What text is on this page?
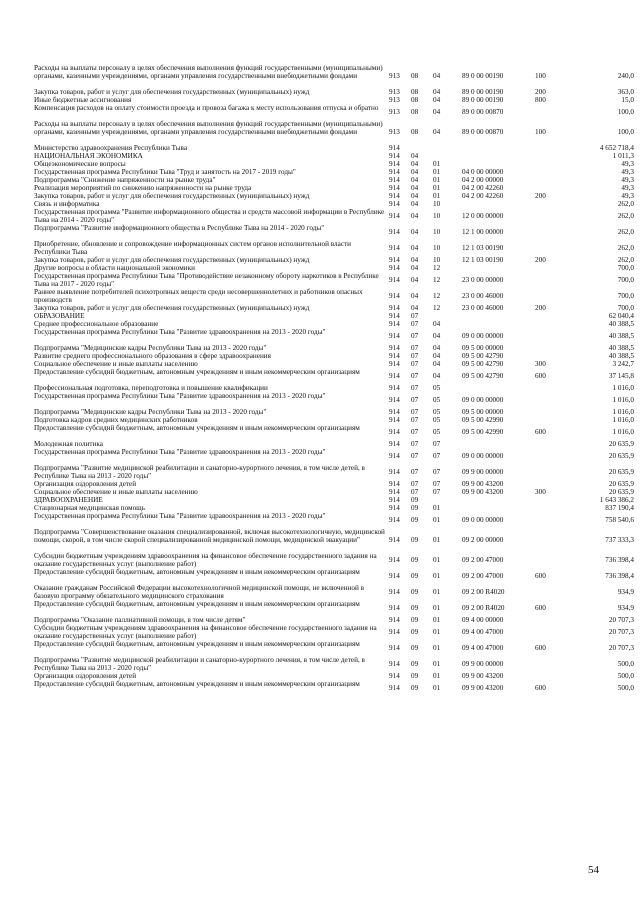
Расходы на выплаты персоналу в целях обеспечения выполнения функций государственными (муниципальными) органами, казенными учреждениями, органами управления государственными внебюджетными фондами	913	08	04	89 0 00 00190	100	240,0
Закупка товаров, работ и услуг для обеспечения государственных (муниципальных) нужд	913	08	04	89 0 00 00190	200	363,0
Иные бюджетные ассигнования	913	08	04	89 0 00 00190	800	15,0
Компенсация расходов на оплату стоимости проезда и провоза багажа к месту использования отпуска и обратно	913	08	04	89 0 00 00870	100,0
Расходы на выплаты персоналу в целях обеспечения выполнения функций государственными (муниципальными) органами, казенными учреждениями, органами управления государственными внебюджетными фондами	913	08	04	89 0 00 00870	100	100,0
Министерство здравоохранения Республики Тыва	914	4 652 718,4
НАЦИОНАЛЬНАЯ ЭКОНОМИКА	914	04	1 011,3
Общеэкономические вопросы	914	04	01	49,3
Государственная программа Республики Тыва "Труд и занятость на 2017 - 2019 годы"	914	04	01	04 0 00 00000	49,3
Подпрограмма "Снижение напряженности на рынке труда"	914	04	01	04 2 00 00000	49,3
Реализация мероприятий по снижению напряженности на рынке труда	914	04	01	04 2 00 42260	49,3
Закупка товаров, работ и услуг для обеспечения государственных (муниципальных) нужд	914	04	01	04 2 00 42260	200	49,3
Связь и информатика	914	04	10	262,0
Государственная программа "Развитие информационного общества и средств массовой информации в Республике Тыва на 2014 - 2020 годы"	914	04	10	12 0 00 00000	262,0
Подпрограмма "Развитие информационного общества в Республике Тыва на 2014 - 2020 годы"	914	04	10	12 1 00 00000	262,0
Приобретение, обновление и сопровождение информационных систем органов исполнительной власти Республики Тыва	914	04	10	12 1 03 00190	262,0
Закупка товаров, работ и услуг для обеспечения государственных (муниципальных) нужд	914	04	10	12 1 03 00190	200	262,0
Другие вопросы в области национальной экономики	914	04	12	700,0
Государственная программа Республики Тыва "Противодействие незаконному обороту наркотиков в Республике Тыва на 2017 - 2020 годы"	914	04	12	23 0 00 00000	700,0
Раннее выявление потребителей психотропных веществ среди несовершеннолетних и работников опасных производств	914	04	12	23 0 00 46000	700,0
Закупка товаров, работ и услуг для обеспечения государственных (муниципальных) нужд	914	04	12	23 0 00 46000	200	700,0
ОБРАЗОВАНИЕ	914	07	62 040,4
Среднее профессиональное образование	914	07	04	40 388,5
Государственная программа Республики Тыва "Развитие здравоохранения на 2013 - 2020 годы"	914	07	04	09 0 00 00000	40 388,5
Подпрограмма "Медицинские кадры Республики Тыва на 2013 - 2020 годы"	914	07	04	09 5 00 00000	40 388,5
Развитие среднего профессионального образования в сфере здравоохранения	914	07	04	09 5 00 42790	40 388,5
Социальное обеспечение и иные выплаты населению	914	07	04	09 5 00 42790	300	3 242,7
Предоставление субсидий бюджетным, автономным учреждениям и иным некоммерческим организациям	914	07	04	09 5 00 42790	600	37 145,8
Профессиональная подготовка, переподготовка и повышение квалификации	914	07	05	1 016,0
Государственная программа Республики Тыва "Развитие здравоохранения на 2013 - 2020 годы"	914	07	05	09 0 00 00000	1 016,0
Подпрограмма "Медицинские кадры Республики Тыва на 2013 - 2020 годы"	914	07	05	09 5 00 00000	1 016,0
Подготовка кадров средних медицинских работников	914	07	05	09 5 00 42990	1 016,0
Предоставление субсидий бюджетным, автономным учреждениям и иным некоммерческим организациям	914	07	05	09 5 00 42990	600	1 016,0
Молодежная политика	914	07	07	20 635,9
Государственная программа Республики Тыва "Развитие здравоохранения на 2013 - 2020 годы"	914	07	07	09 0 00 00000	20 635,9
Подпрограмма "Развитие медицинской реабилитации и санаторно-курортного лечения, в том числе детей, в Республике Тыва на 2013 - 2020 годы"	914	07	07	09 9 00 00000	20 635,9
Организация оздоровления детей	914	07	07	09 9 00 43200	20 635,9
Социальное обеспечение и иные выплаты населению	914	07	07	09 9 00 43200	300	20 635,9
ЗДРАВООХРАНЕНИЕ	914	09	1 643 386,2
Стационарная медицинская помощь	914	09	01	837 190,4
Государственная программа Республики Тыва "Развитие здравоохранения на 2013 - 2020 годы"	914	09	01	09 0 00 00000	758 540,6
Подпрограмма "Совершенствование оказания специализированной, включая высокотехнологичную, медицинской помощи, скорой, в том числе скорой специализированной медицинской помощи, медицинской эвакуации"	914	09	01	09 2 00 00000	737 333,3
Субсидии бюджетным учреждениям здравоохранения на финансовое обеспечение государственного задания на оказание государственных услуг (выполнение работ)	914	09	01	09 2 00 47000	736 398,4
Предоставление субсидий бюджетным, автономным учреждениям и иным некоммерческим организациям	914	09	01	09 2 00 47000	600	736 398,4
Оказание гражданам Российской Федерации высокотехнологичной медицинской помощи, не включенной в базовую программу обязательного медицинского страхования	914	09	01	09 2 00 R4020	934,9
Предоставление субсидий бюджетным, автономным учреждениям и иным некоммерческим организациям	914	09	01	09 2 00 R4020	600	934,9
Подпрограмма "Оказание паллиативной помощи, в том числе детям"	914	09	01	09 4 00 00000	20 707,3
Субсидии бюджетным учреждениям здравоохранения на финансовое обеспечение государственного задания на оказание государственных услуг (выполнение работ)	914	09	01	09 4 00 47000	20 707,3
Предоставление субсидий бюджетным, автономным учреждениям и иным некоммерческим организациям	914	09	01	09 4 00 47000	600	20 707,3
Подпрограмма "Развитие медицинской реабилитации и санаторно-курортного лечения, в том числе детей, в Республике Тыва на 2013 - 2020 годы"	914	09	01	09 9 00 00000	500,0
Организация оздоровления детей	914	09	01	09 9 00 43200	500,0
Предоставление субсидий бюджетным, автономным учреждениям и иным некоммерческим организациям	914	09	01	09 9 00 43200	600	500,0
54
